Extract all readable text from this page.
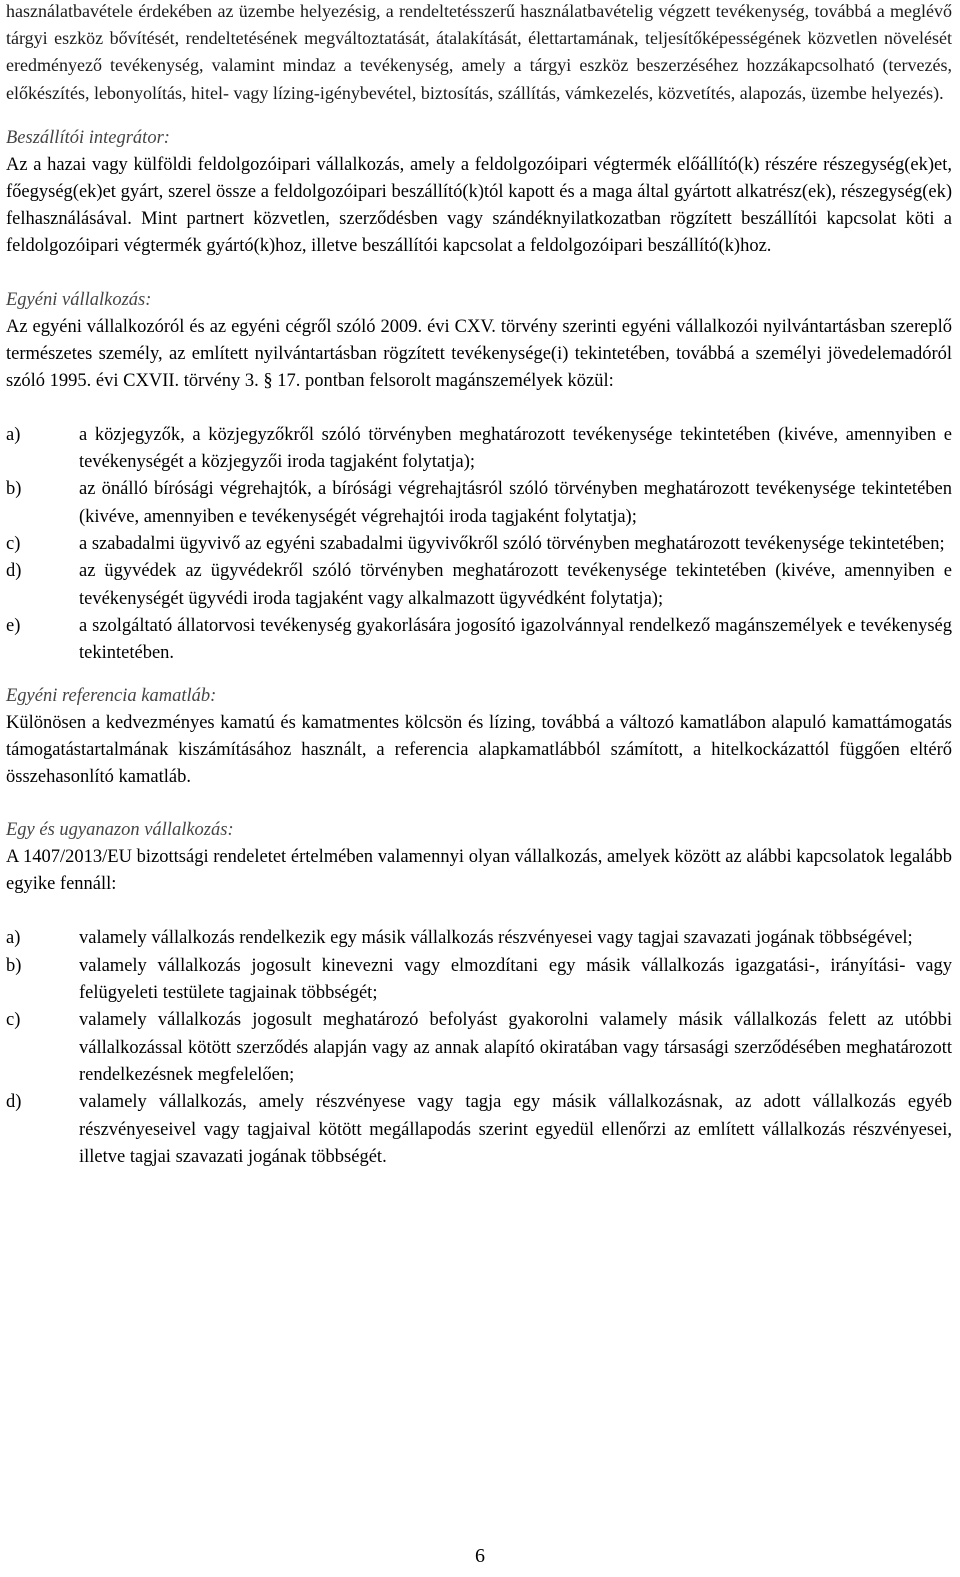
használatbavétele érdekében az üzembe helyezésig, a rendeltetésszerű használatbavételig végzett tevékenység, továbbá a meglévő tárgyi eszköz bővítését, rendeltetésének megváltoztatását, átalakítását, élettartamának, teljesítőképességének közvetlen növelését eredményező tevékenység, valamint mindaz a tevékenység, amely a tárgyi eszköz beszerzéséhez hozzákapcsolható (tervezés, előkészítés, lebonyolítás, hitel- vagy lízing-igénybevétel, biztosítás, szállítás, vámkezelés, közvetítés, alapozás, üzembe helyezés).

Beszállítói integrátor:

Az a hazai vagy külföldi feldolgozóipari vállalkozás, amely a feldolgozóipari végtermék előállító(k) részére részegység(ek)et, főegység(ek)et gyárt, szerel össze a feldolgozóipari beszállító(k)tól kapott és a maga által gyártott alkatrész(ek), részegység(ek) felhasználásával. Mint partnert közvetlen, szerződésben vagy szándéknyilatkozatban rögzített beszállítói kapcsolat köti a feldolgozóipari végtermék gyártó(k)hoz, illetve beszállítói kapcsolat a feldolgozóipari beszállító(k)hoz.

Egyéni vállalkozás:

Az egyéni vállalkozóról és az egyéni cégről szóló 2009. évi CXV. törvény szerinti egyéni vállalkozói nyilvántartásban szereplő természetes személy, az említett nyilvántartásban rögzített tevékenysége(i) tekintetében, továbbá a személyi jövedelemadóról szóló 1995. évi CXVII. törvény 3. § 17. pontban felsorolt magánszemélyek közül:

a)	a közjegyzők, a közjegyzőkről szóló törvényben meghatározott tevékenysége tekintetében (kivéve, amennyiben e tevékenységét a közjegyzői iroda tagjaként folytatja);
b)	az önálló bírósági végrehajtók, a bírósági végrehajtásról szóló törvényben meghatározott tevékenysége tekintetében (kivéve, amennyiben e tevékenységét végrehajtói iroda tagjaként folytatja);
c)	a szabadalmi ügyvivő az egyéni szabadalmi ügyvivőkről szóló törvényben meghatározott tevékenysége tekintetében;
d)	az ügyvédek az ügyvédekről szóló törvényben meghatározott tevékenysége tekintetében (kivéve, amennyiben e tevékenységét ügyvédi iroda tagjaként vagy alkalmazott ügyvédként folytatja);
e)	a szolgáltató állatorvosi tevékenység gyakorlására jogosító igazolvánnyal rendelkező magánszemélyek e tevékenység tekintetében.

Egyéni referencia kamatláb:

Különösen a kedvezményes kamatú és kamatmentes kölcsön és lízing, továbbá a változó kamatlábon alapuló kamattámogatás támogatástartalmának kiszámításához használt, a referencia alapkamatlábból számított, a hitelkockázattól függően eltérő összehasonlító kamatláb.

Egy és ugyanazon vállalkozás:

A 1407/2013/EU bizottsági rendeletet értelmében valamennyi olyan vállalkozás, amelyek között az alábbi kapcsolatok legalább egyike fennáll:

a)	valamely vállalkozás rendelkezik egy másik vállalkozás részvényesei vagy tagjai szavazati jogának többségével;
b)	valamely vállalkozás jogosult kinevezni vagy elmozdítani egy másik vállalkozás igazgatási-, irányítási- vagy felügyeleti testülete tagjainak többségét;
c)	valamely vállalkozás jogosult meghatározó befolyást gyakorolni valamely másik vállalkozás felett az utóbbi vállalkozással kötött szerződés alapján vagy az annak alapító okiratában vagy társasági szerződésében meghatározott rendelkezésnek megfelelően;
d)	valamely vállalkozás, amely részvényese vagy tagja egy másik vállalkozásnak, az adott vállalkozás egyéb részvényeseivel vagy tagjaival kötött megállapodás szerint egyedül ellenőrzi az említett vállalkozás részvényesei, illetve tagjai szavazati jogának többségét.
6
